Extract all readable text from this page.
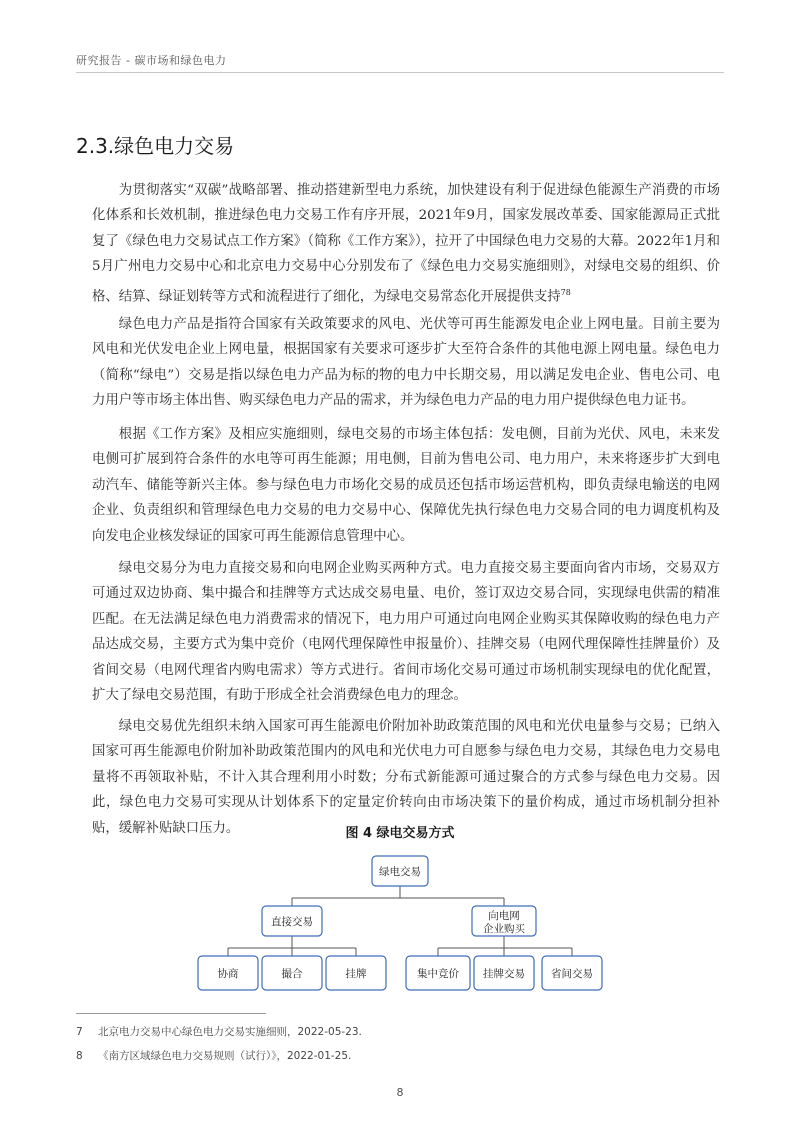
研究报告 - 碳市场和绿色电力
2.3.绿色电力交易

为贯彻落实“双碳”战略部署、推动搭建新型电力系统，加快建设有利于促进绿色能源生产消费的市场化体系和长效机制，推进绿色电力交易工作有序开展，2021年9月，国家发展改革委、国家能源局正式批复了《绿色电力交易试点工作方案》（简称《工作方案》），拉开了中国绿色电力交易的大幕。2022年1月和5月广州电力交易中心和北京电力交易中心分别发布了《绿色电力交易实施细则》，对绿电交易的组织、价格、结算、绿证划转等方式和流程进行了细化，为绿电交易常态化开展提供支持$^{78}$

绿色电力产品是指符合国家有关政策要求的风电、光伏等可再生能源发电企业上网电量。目前主要为风电和光伏发电企业上网电量，根据国家有关要求可逐步扩大至符合条件的其他电源上网电量。绿色电力（简称“绿电”）交易是指以绿色电力产品为标的物的电力中长期交易，用以满足发电企业、售电公司、电力用户等市场主体出售、购买绿色电力产品的需求，并为绿色电力产品的电力用户提供绿色电力证书。

根据《工作方案》及相应实施细则，绿电交易的市场主体包括：发电侧，目前为光伏、风电，未来发电侧可扩展到符合条件的水电等可再生能源；用电侧，目前为售电公司、电力用户，未来将逐步扩大到电动汽车、储能等新兴主体。参与绿色电力市场化交易的成员还包括市场运营机构，即负责绿电输送的电网企业、负责组织和管理绿色电力交易的电力交易中心、保障优先执行绿色电力交易合同的电力调度机构及向发电企业核发绿证的国家可再生能源信息管理中心。

绿电交易分为电力直接交易和向电网企业购买两种方式。电力直接交易主要面向省内市场，交易双方可通过双边协商、集中撮合和挂牌等方式达成交易电量、电价，签订双边交易合同，实现绿电供需的精准匹配。在无法满足绿色电力消费需求的情况下，电力用户可通过向电网企业购买其保障收购的绿色电力产品达成交易，主要方式为集中竞价（电网代理保障性申报量价）、挂牌交易（电网代理保障性挂牌量价）及省间交易（电网代理省内购电需求）等方式进行。省间市场化交易可通过市场机制实现绿电的优化配置，扩大了绿电交易范围，有助于形成全社会消费绿色电力的理念。

绿电交易优先组织未纳入国家可再生能源电价附加补助政策范围的风电和光伏电量参与交易；已纳入国家可再生能源电价附加补助政策范围内的风电和光伏电力可自愿参与绿色电力交易，其绿色电力交易电量将不再领取补贴，不计入其合理利用小时数；分布式新能源可通过聚合的方式参与绿色电力交易。因此，绿色电力交易可实现从计划体系下的定量定价转向由市场决策下的量价构成，通过市场机制分担补贴，缓解补贴缺口压力。	图 4 绿电交易方式
绿电交易
直接交易	向电网
企业购买
协商	撮合	挂牌	集中竞价 挂牌交易 省间交易
7 北京电力交易中心绿色电力交易实施细则，2022-05-23.
8 《南方区域绿色电力交易规则（试行）》，2022-01-25.
8
